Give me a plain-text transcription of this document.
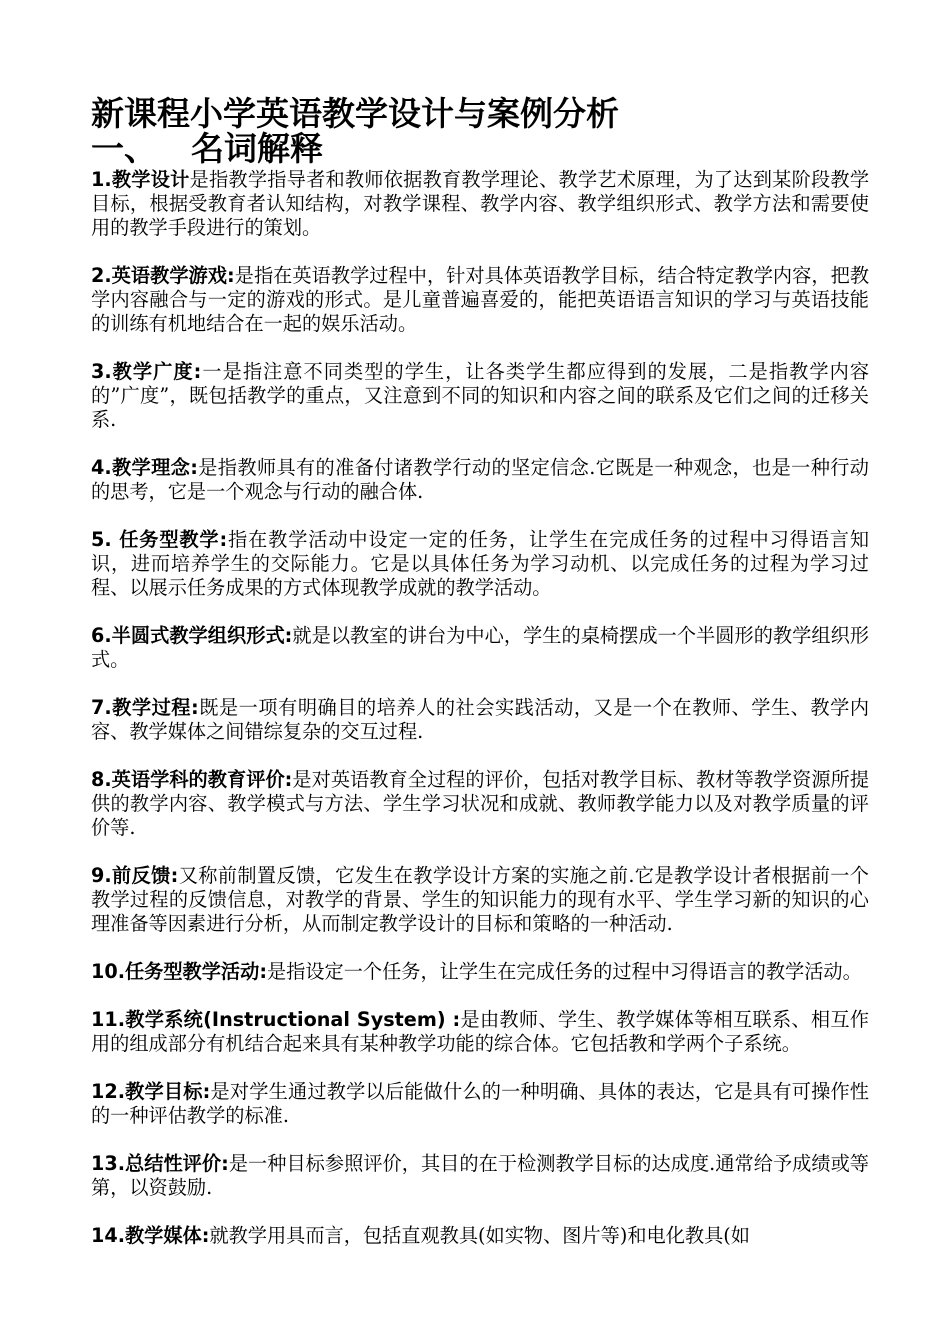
新课程小学英语教学设计与案例分析
一、 名词解释

1.教学设计是指教学指导者和教师依据教育教学理论、教学艺术原理，为了达到某阶段教学目标，根据受教育者认知结构，对教学课程、教学内容、教学组织形式、教学方法和需要使用的教学手段进行的策划。

2.英语教学游戏:是指在英语教学过程中，针对具体英语教学目标，结合特定教学内容，把教学内容融合与一定的游戏的形式。是儿童普遍喜爱的，能把英语语言知识的学习与英语技能的训练有机地结合在一起的娱乐活动。

3.教学广度:一是指注意不同类型的学生，让各类学生都应得到的发展，二是指教学内容的”广度”，既包括教学的重点，又注意到不同的知识和内容之间的联系及它们之间的迁移关系.

4.教学理念:是指教师具有的准备付诸教学行动的坚定信念.它既是一种观念，也是一种行动的思考，它是一个观念与行动的融合体.

5. 任务型教学:指在教学活动中设定一定的任务，让学生在完成任务的过程中习得语言知识，进而培养学生的交际能力。它是以具体任务为学习动机、以完成任务的过程为学习过程、以展示任务成果的方式体现教学成就的教学活动。

6.半圆式教学组织形式:就是以教室的讲台为中心，学生的桌椅摆成一个半圆形的教学组织形式。

7.教学过程:既是一项有明确目的培养人的社会实践活动，又是一个在教师、学生、教学内容、教学媒体之间错综复杂的交互过程.

8.英语学科的教育评价:是对英语教育全过程的评价，包括对教学目标、教材等教学资源所提供的教学内容、教学模式与方法、学生学习状况和成就、教师教学能力以及对教学质量的评价等.

9.前反馈:又称前制置反馈，它发生在教学设计方案的实施之前.它是教学设计者根据前一个教学过程的反馈信息，对教学的背景、学生的知识能力的现有水平、学生学习新的知识的心理准备等因素进行分析，从而制定教学设计的目标和策略的一种活动.

10.任务型教学活动:是指设定一个任务，让学生在完成任务的过程中习得语言的教学活动。

11.教学系统(Instructional System) :是由教师、学生、教学媒体等相互联系、相互作用的组成部分有机结合起来具有某种教学功能的综合体。它包括教和学两个子系统。

12.教学目标:是对学生通过教学以后能做什么的一种明确、具体的表达，它是具有可操作性的一种评估教学的标准.

13.总结性评价:是一种目标参照评价，其目的在于检测教学目标的达成度.通常给予成绩或等第，以资鼓励.

14.教学媒体:就教学用具而言，包括直观教具(如实物、图片等)和电化教具(如
